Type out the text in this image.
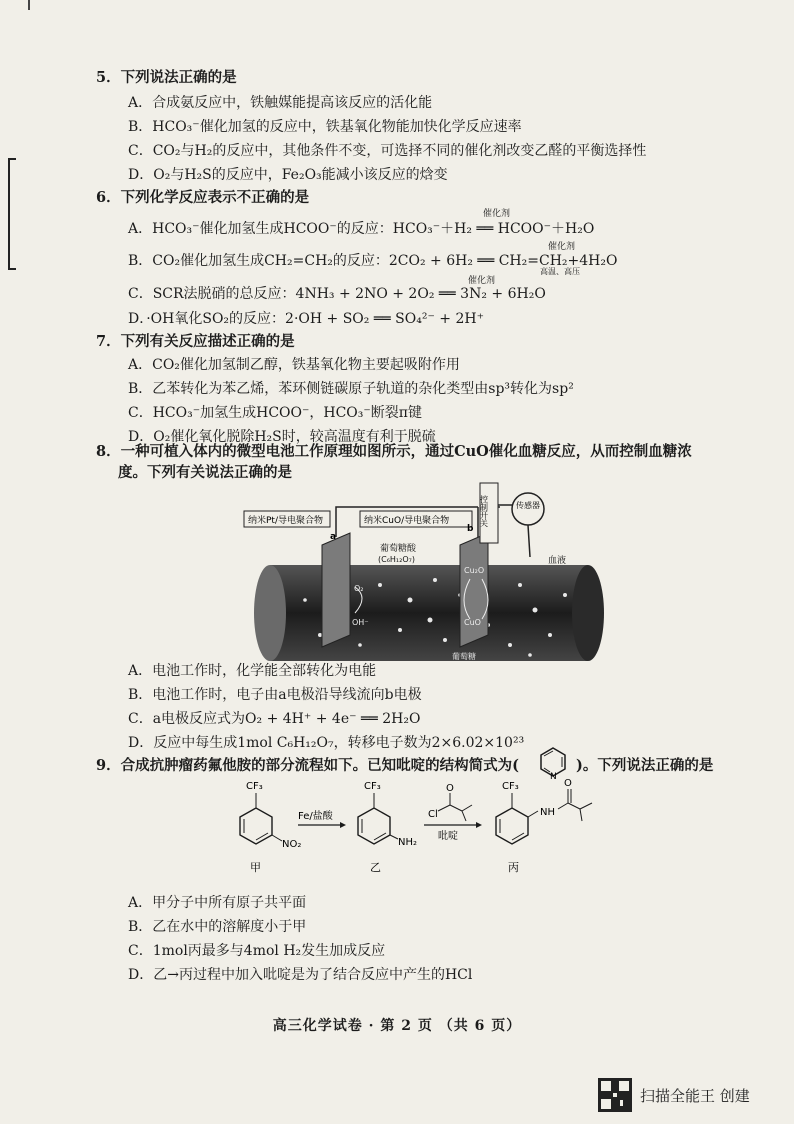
5．下列说法正确的是
A．合成氨反应中，铁触媒能提高该反应的活化能
B．HCO₃⁻催化加氢的反应中，铁基氧化物能加快化学反应速率
C．CO₂与H₂的反应中，其他条件不变，可选择不同的催化剂改变乙醛的平衡选择性
D．O₂与H₂S的反应中，Fe₂O₃能减小该反应的焓变
6．下列化学反应表示不正确的是
A．HCO₃⁻催化加氢生成HCOO⁻的反应：HCO₃⁻＋H₂ ══ HCOO⁻＋H₂O
催化剂
B．CO₂催化加氢生成CH₂=CH₂的反应：2CO₂ + 6H₂ ══ CH₂=CH₂+4H₂O
催化剂
高温、高压
C．SCR法脱硝的总反应：4NH₃ + 2NO + 2O₂ ══ 3N₂ + 6H₂O
催化剂
D．·OH氧化SO₂的反应：2·OH + SO₂ ══ SO₄²⁻ + 2H⁺
7．下列有关反应描述正确的是
A．CO₂催化加氢制乙醇，铁基氧化物主要起吸附作用
B．乙苯转化为苯乙烯，苯环侧链碳原子轨道的杂化类型由sp³转化为sp²
C．HCO₃⁻加氢生成HCOO⁻，HCO₃⁻断裂π键
D．O₂催化氧化脱除H₂S时，较高温度有利于脱硫
8．一种可植入体内的微型电池工作原理如图所示，通过CuO催化血糖反应，从而控制血糖浓
度。下列有关说法正确的是
纳米Pt/导电聚合物	纳米CuO/导电聚合物
a
b
控制开关	传感器
葡萄糖酸
(C₆H₁₂O₇)	血液
O₂
OH⁻
Cu₂O
CuO
葡萄糖
A．电池工作时，化学能全部转化为电能
B．电池工作时，电子由a电极沿导线流向b电极
C．a电极反应式为O₂ + 4H⁺ + 4e⁻ ══ 2H₂O
D．反应中每生成1mol C₆H₁₂O₇，转移电子数为2×6.02×10²³
9．合成抗肿瘤药氟他胺的部分流程如下。已知吡啶的结构简式为(
N
)。下列说法正确的是
CF₃
NO₂
甲
Fe/盐酸
CF₃
NH₂
乙
O
Cl
吡啶
CF₃
NH
O
丙
A．甲分子中所有原子共平面
B．乙在水中的溶解度小于甲
C．1mol丙最多与4mol H₂发生加成反应
D．乙→丙过程中加入吡啶是为了结合反应中产生的HCl
高三化学试卷 · 第 2 页 （共 6 页）
扫描全能王 创建
